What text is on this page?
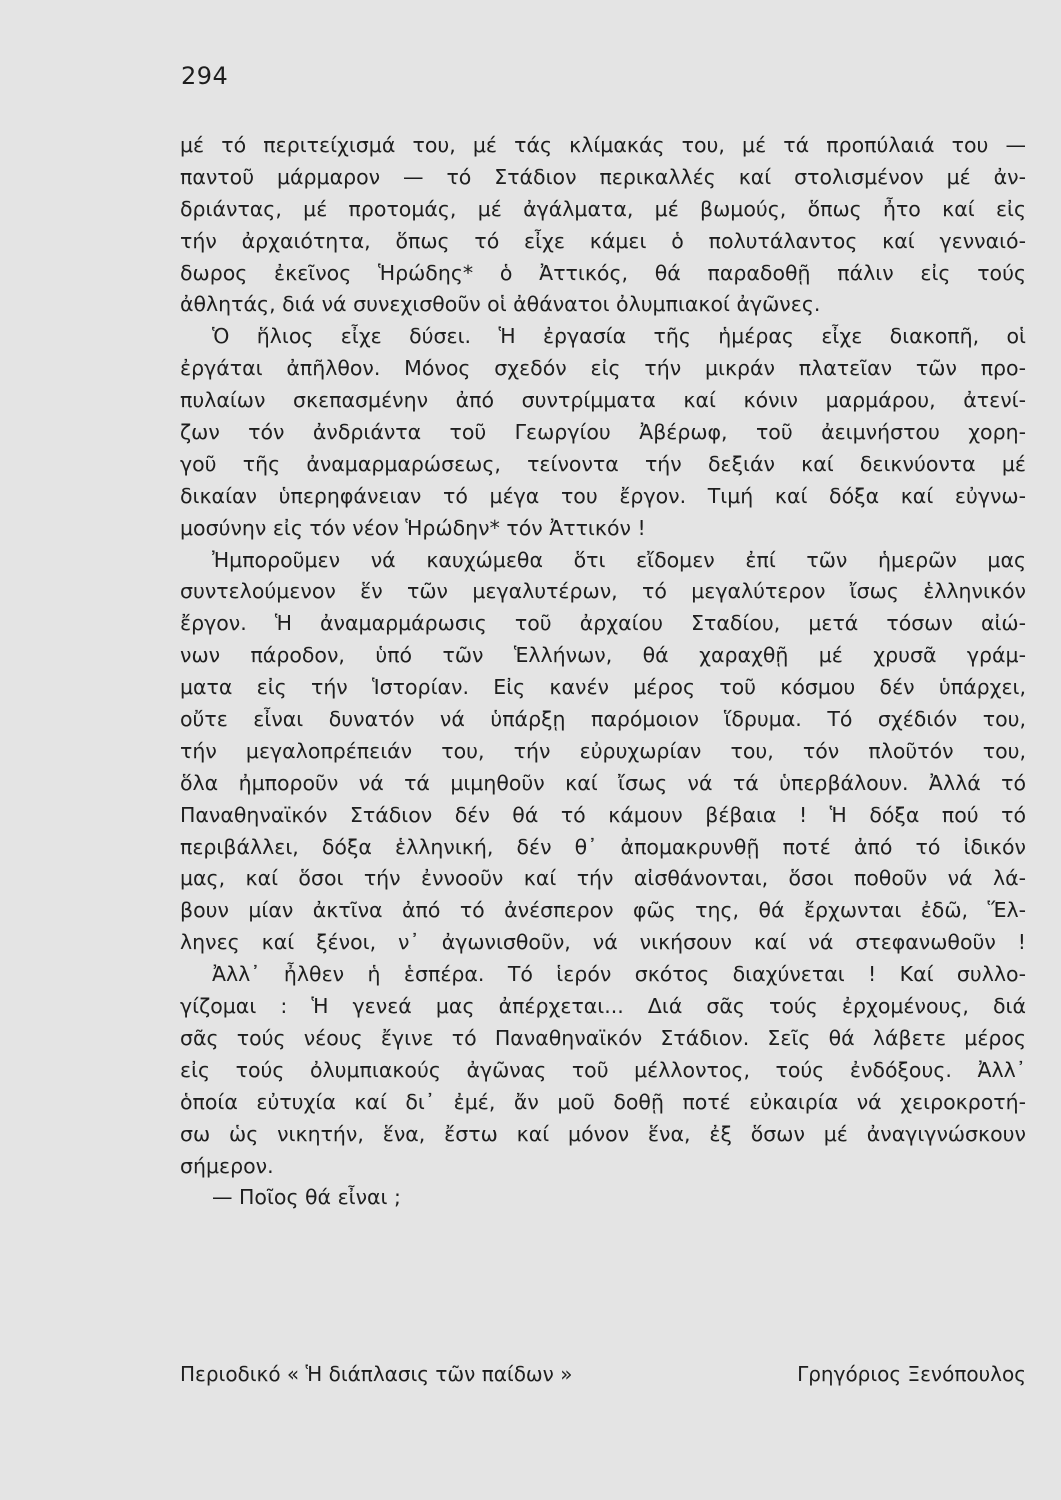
294
μέ τό περιτείχισμά του, μέ τάς κλίμακάς του, μέ τά προπύλαιά του —
παντοῦ μάρμαρον — τό Στάδιον περικαλλές καί στολισμένον μέ ἀν-
δριάντας, μέ προτομάς, μέ ἀγάλματα, μέ βωμούς, ὅπως ἦτο καί εἰς
τήν ἀρχαιότητα, ὅπως τό εἶχε κάμει ὁ πολυτάλαντος καί γενναιό-
δωρος ἐκεῖνος Ἡρώδης* ὁ Ἀττικός, θά παραδοθῇ πάλιν εἰς τούς
ἀθλητάς, διά νά συνεχισθοῦν οἱ ἀθάνατοι ὀλυμπιακοί ἀγῶνες.
Ὁ ἥλιος εἶχε δύσει. Ἡ ἐργασία τῆς ἡμέρας εἶχε διακοπῆ, οἱ
ἐργάται ἀπῆλθον. Μόνος σχεδόν εἰς τήν μικράν πλατεῖαν τῶν προ-
πυλαίων σκεπασμένην ἀπό συντρίμματα καί κόνιν μαρμάρου, ἀτενί-
ζων τόν ἀνδριάντα τοῦ Γεωργίου Ἀβέρωφ, τοῦ ἀειμνήστου χορη-
γοῦ τῆς ἀναμαρμαρώσεως, τείνοντα τήν δεξιάν καί δεικνύοντα μέ
δικαίαν ὑπερηφάνειαν τό μέγα του ἔργον. Τιμή καί δόξα καί εὐγνω-
μοσύνην εἰς τόν νέον Ἡρώδην* τόν Ἀττικόν !
Ἠμποροῦμεν νά καυχώμεθα ὅτι εἴδομεν ἐπί τῶν ἡμερῶν μας
συντελούμενον ἕν τῶν μεγαλυτέρων, τό μεγαλύτερον ἴσως ἑλληνικόν
ἔργον. Ἡ ἀναμαρμάρωσις τοῦ ἀρχαίου Σταδίου, μετά τόσων αἰώ-
νων πάροδον, ὑπό τῶν Ἑλλήνων, θά χαραχθῇ μέ χρυσᾶ γράμ-
ματα εἰς τήν Ἱστορίαν. Εἰς κανέν μέρος τοῦ κόσμου δέν ὑπάρχει,
οὔτε εἶναι δυνατόν νά ὑπάρξῃ παρόμοιον ἵδρυμα. Τό σχέδιόν του,
τήν μεγαλοπρέπειάν του, τήν εὐρυχωρίαν του, τόν πλοῦτόν του,
ὅλα ἠμποροῦν νά τά μιμηθοῦν καί ἴσως νά τά ὑπερβάλουν. Ἀλλά τό
Παναθηναϊκόν Στάδιον δέν θά τό κάμουν βέβαια ! Ἡ δόξα πού τό
περιβάλλει, δόξα ἑλληνική, δέν θ᾽ ἀπομακρυνθῇ ποτέ ἀπό τό ἰδικόν
μας, καί ὅσοι τήν ἐννοοῦν καί τήν αἰσθάνονται, ὅσοι ποθοῦν νά λά-
βουν μίαν ἀκτῖνα ἀπό τό ἀνέσπερον φῶς της, θά ἔρχωνται ἐδῶ, Ἕλ-
ληνες καί ξένοι, ν᾽ ἀγωνισθοῦν, νά νικήσουν καί νά στεφανωθοῦν !
Ἀλλ᾽ ἦλθεν ἡ ἑσπέρα. Τό ἱερόν σκότος διαχύνεται ! Καί συλλο-
γίζομαι : Ἡ γενεά μας ἀπέρχεται... Διά σᾶς τούς ἐρχομένους, διά
σᾶς τούς νέους ἔγινε τό Παναθηναϊκόν Στάδιον. Σεῖς θά λάβετε μέρος
εἰς τούς ὀλυμπιακούς ἀγῶνας τοῦ μέλλοντος, τούς ἐνδόξους. Ἀλλ᾽
ὁποία εὐτυχία καί δι᾽ ἐμέ, ἄν μοῦ δοθῇ ποτέ εὐκαιρία νά χειροκροτή-
σω ὡς νικητήν, ἕνα, ἔστω καί μόνον ἕνα, ἐξ ὅσων μέ ἀναγιγνώσκουν
σήμερον.
— Ποῖος θά εἶναι ;
Περιοδικό « Ἡ διάπλασις τῶν παίδων »	Γρηγόριος Ξενόπουλος
